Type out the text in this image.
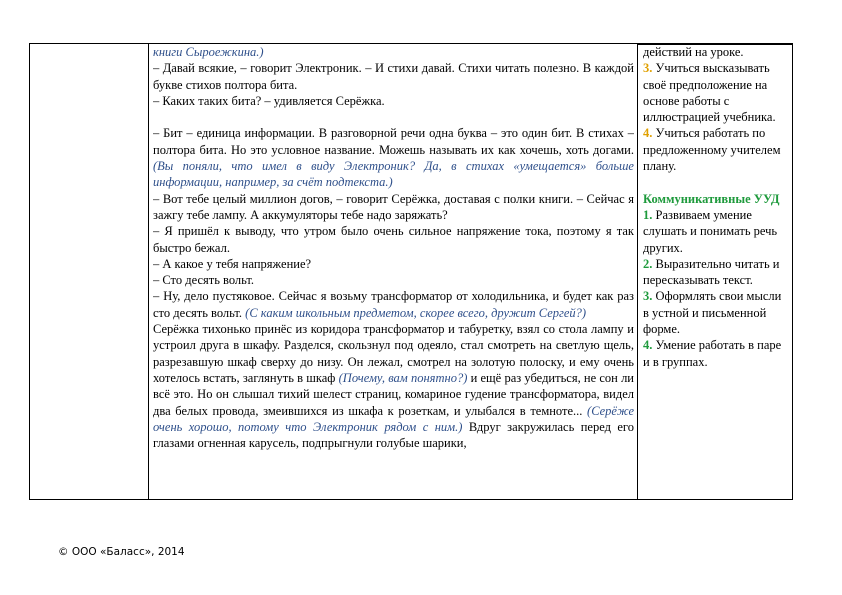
книги Сыроежкина.)

– Давай всякие, – говорит Электроник. – И стихи давай. Стихи читать полезно. В каждой букве стихов полтора бита.

– Каких таких бита? – удивляется Серёжка.

– Бит – единица информации. В разговорной речи одна буква – это один бит. В стихах – полтора бита. Но это условное название. Можешь называть их как хочешь, хоть догами. (Вы поняли, что имел в виду Электроник? Да, в стихах «умещается» больше информации, например, за счёт подтекста.)

– Вот тебе целый миллион догов, – говорит Серёжка, доставая с полки книги. – Сейчас я зажгу тебе лампу. А аккумуляторы тебе надо заряжать?

– Я пришёл к выводу, что утром было очень сильное напряжение тока, поэтому я так быстро бежал.

– А какое у тебя напряжение?

– Сто десять вольт.

– Ну, дело пустяковое. Сейчас я возьму трансформатор от холодильника, и будет как раз сто десять вольт. (С каким школьным предметом, скорее всего, дружит Сергей?)

Серёжка тихонько принёс из коридора трансформатор и табуретку, взял со стола лампу и устроил друга в шкафу. Разделся, скользнул под одеяло, стал смотреть на светлую щель, разрезавшую шкаф сверху до низу. Он лежал, смотрел на золотую полоску, и ему очень хотелось встать, заглянуть в шкаф (Почему, вам понятно?) и ещё раз убедиться, не сон ли всё это. Но он слышал тихий шелест страниц, комариное гудение трансформатора, видел два белых провода, змеившихся из шкафа к розеткам, и улыбался в темноте... (Серёже очень хорошо, потому что Электроник рядом с ним.) Вдруг закружилась перед его глазами огненная карусель, подпрыгнули голубые шарики,

действий на уроке.

3. Учиться высказывать своё предположение на основе работы с иллюстрацией учебника.

4. Учиться работать по предложенному учителем плану.

Коммуникативные УУД

1. Развиваем умение слушать и понимать речь других.

2. Выразительно читать и пересказывать текст.

3. Оформлять свои мысли в устной и письменной форме.

4. Умение работать в паре и в группах.

© ООО «Баласс», 2014
